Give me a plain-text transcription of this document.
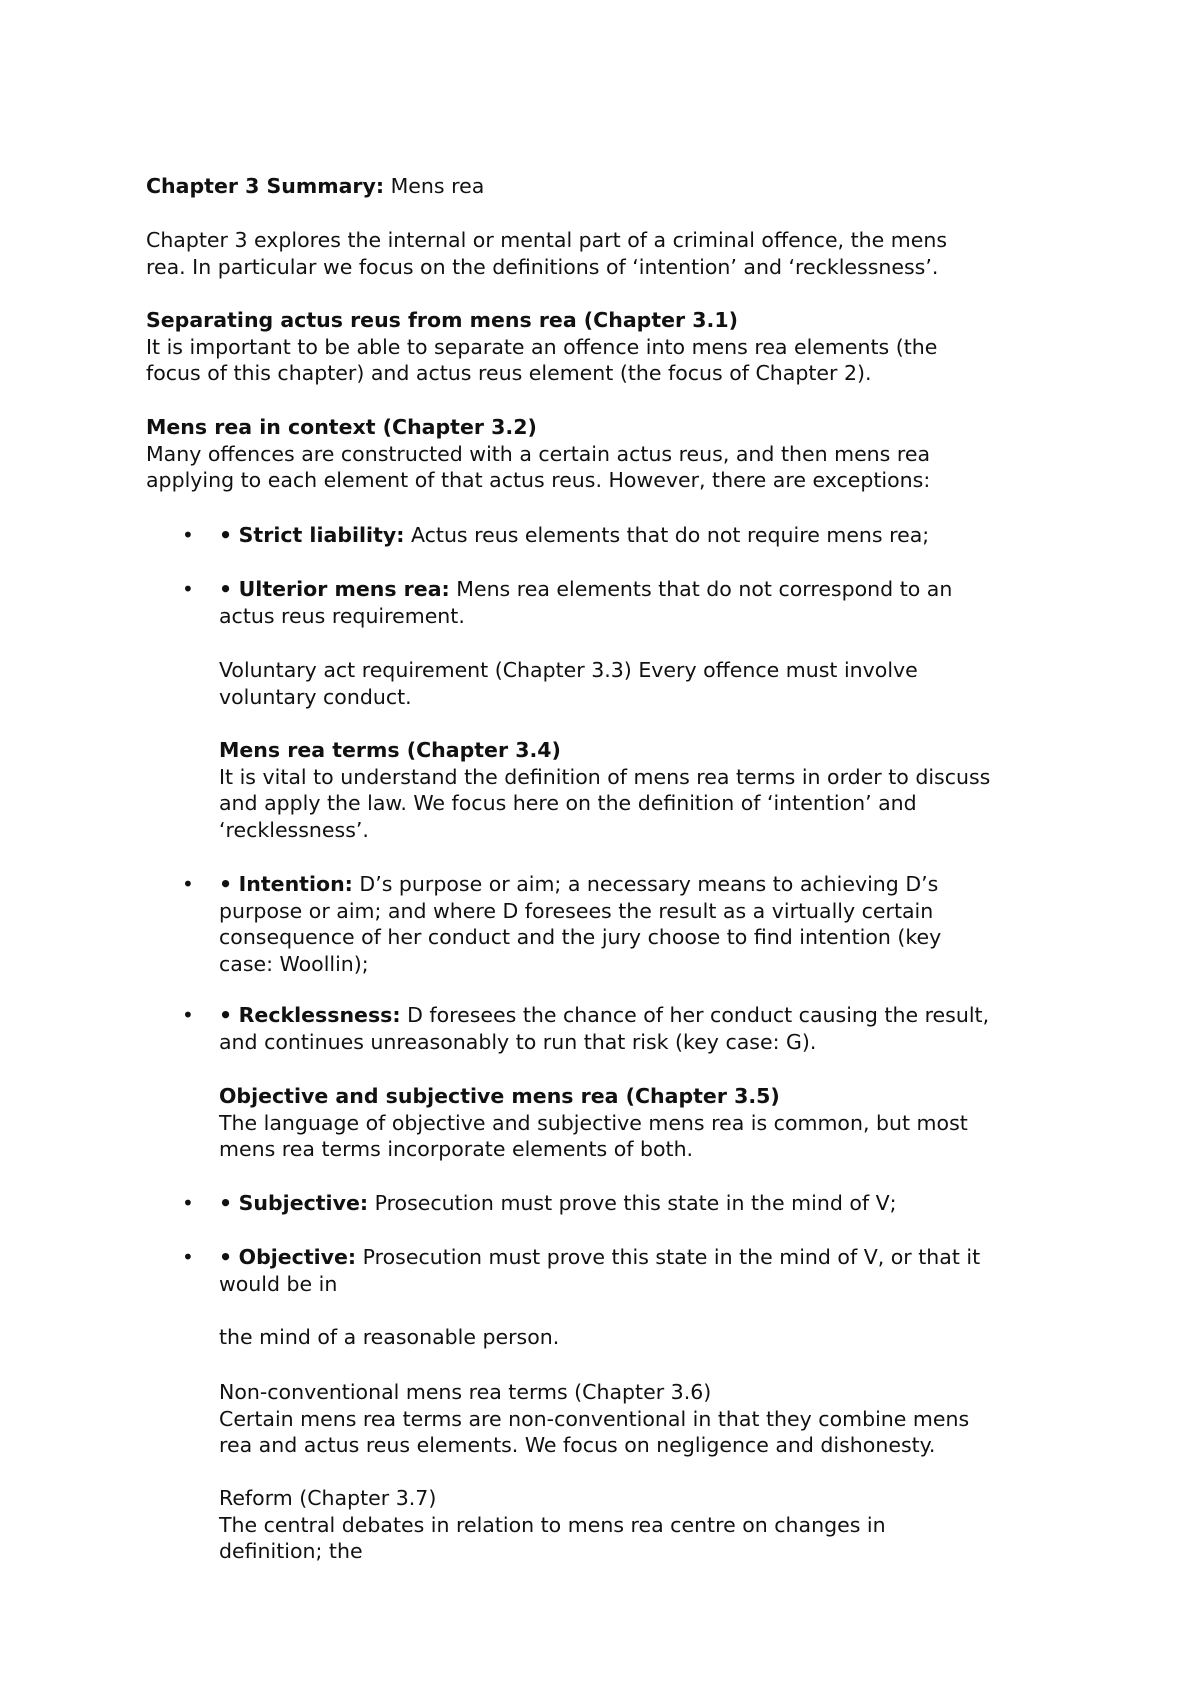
Chapter 3 Summary: Mens rea
Chapter 3 explores the internal or mental part of a criminal offence, the mens
rea. In particular we focus on the definitions of ‘intention’ and ‘recklessness’.
Separating actus reus from mens rea (Chapter 3.1)
It is important to be able to separate an offence into mens rea elements (the
focus of this chapter) and actus reus element (the focus of Chapter 2).
Mens rea in context (Chapter 3.2)
Many offences are constructed with a certain actus reus, and then mens rea
applying to each element of that actus reus. However, there are exceptions:
• • Strict liability: Actus reus elements that do not require mens rea;
• • Ulterior mens rea: Mens rea elements that do not correspond to an
actus reus requirement.
Voluntary act requirement (Chapter 3.3) Every offence must involve
voluntary conduct.
Mens rea terms (Chapter 3.4)
It is vital to understand the definition of mens rea terms in order to discuss
and apply the law. We focus here on the definition of ‘intention’ and
‘recklessness’.
• • Intention: D’s purpose or aim; a necessary means to achieving D’s
purpose or aim; and where D foresees the result as a virtually certain
consequence of her conduct and the jury choose to find intention (key
case: Woollin);
• • Recklessness: D foresees the chance of her conduct causing the result,
and continues unreasonably to run that risk (key case: G).
Objective and subjective mens rea (Chapter 3.5)
The language of objective and subjective mens rea is common, but most
mens rea terms incorporate elements of both.
• • Subjective: Prosecution must prove this state in the mind of V;
• • Objective: Prosecution must prove this state in the mind of V, or that it
would be in
the mind of a reasonable person.
Non-conventional mens rea terms (Chapter 3.6)
Certain mens rea terms are non-conventional in that they combine mens
rea and actus reus elements. We focus on negligence and dishonesty.
Reform (Chapter 3.7)
The central debates in relation to mens rea centre on changes in
definition; the
